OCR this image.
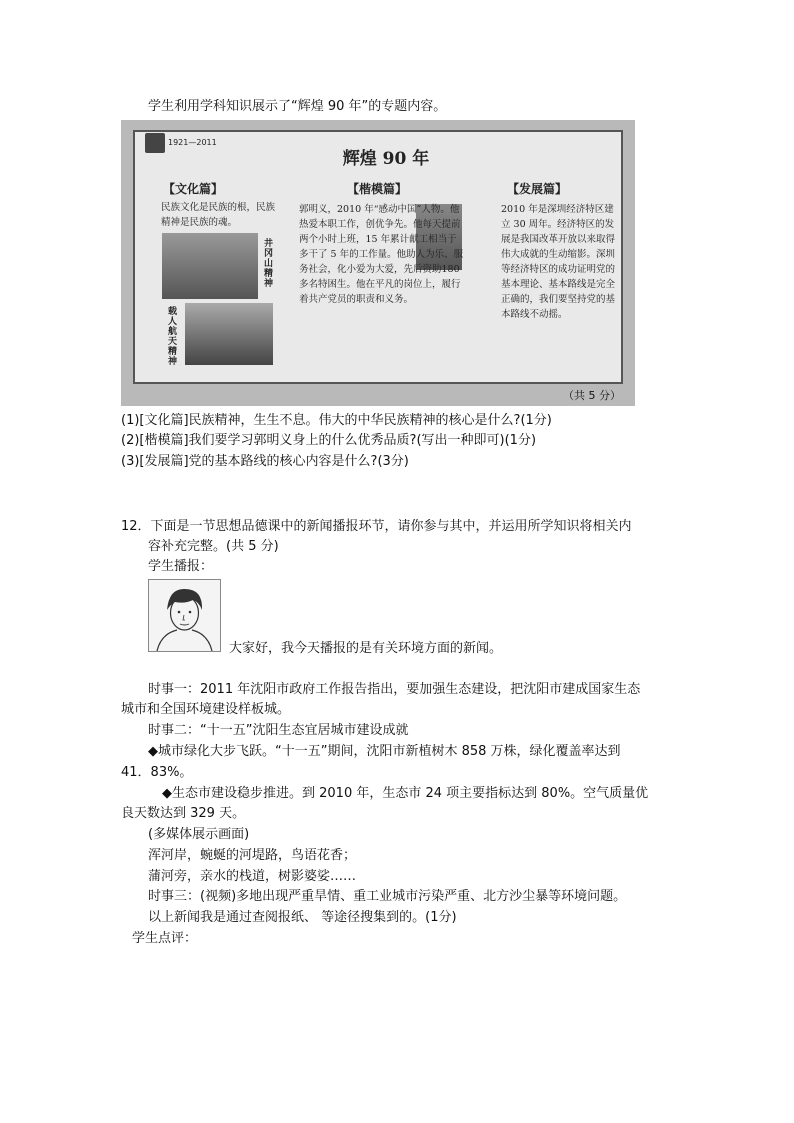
学生利用学科知识展示了“辉煌 90 年”的专题内容。
1921—2011
辉煌 90 年
【文化篇】
民族文化是民族的根，民族精神是民族的魂。
井冈山精神
载人航天精神
【楷模篇】
郭明义，2010 年“感动中国”人物。他热爱本职工作，创优争先。他每天提前两个小时上班，15 年累计献工相当于多干了 5 年的工作量。他助人为乐、服务社会，化小爱为大爱，先后资助180 多名特困生。他在平凡的岗位上，履行着共产党员的职责和义务。
【发展篇】
2010 年是深圳经济特区建立 30 周年。经济特区的发展是我国改革开放以来取得伟大成就的生动缩影。深圳等经济特区的成功证明党的基本理论、基本路线是完全正确的，我们要坚持党的基本路线不动摇。
（共 5 分）
(1)[文化篇]民族精神，生生不息。伟大的中华民族精神的核心是什么?(1分)
(2)[楷模篇]我们要学习郭明义身上的什么优秀品质?(写出一种即可)(1分)
(3)[发展篇]党的基本路线的核心内容是什么?(3分)
12．下面是一节思想品德课中的新闻播报环节，请你参与其中，并运用所学知识将相关内
容补充完整。(共 5 分)
学生播报：
大家好，我今天播报的是有关环境方面的新闻。
时事一：2011 年沈阳市政府工作报告指出，要加强生态建设，把沈阳市建成国家生态
城市和全国环境建设样板城。
时事二：“十一五”沈阳生态宜居城市建设成就
◆城市绿化大步飞跃。“十一五”期间，沈阳市新植树木 858 万株，绿化覆盖率达到
41．83%。
◆生态市建设稳步推进。到 2010 年，生态市 24 项主要指标达到 80%。空气质量优
良天数达到 329 天。
(多媒体展示画面)
浑河岸，蜿蜒的河堤路，鸟语花香；
蒲河旁，亲水的栈道，树影婆娑……
时事三：(视频)多地出现严重旱情、重工业城市污染严重、北方沙尘暴等环境问题。
以上新闻我是通过查阅报纸、 等途径搜集到的。(1分)
学生点评：
